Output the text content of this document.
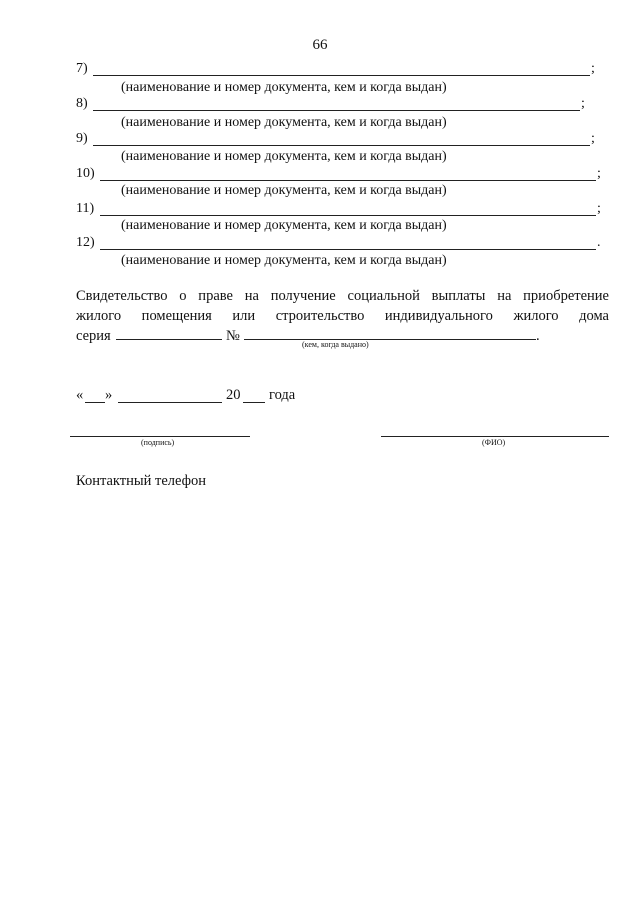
66
7)	;
(наименование и номер документа, кем и когда выдан)
8)	;
(наименование и номер документа, кем и когда выдан)
9)	;
(наименование и номер документа, кем и когда выдан)
10)	;
(наименование и номер документа, кем и когда выдан)
11)	;
(наименование и номер документа, кем и когда выдан)
12)	.
(наименование и номер документа, кем и когда выдан)
Свидетельство о праве на получение социальной выплаты на приобретение
жилого помещения или строительство индивидуального жилого дома
серия	№	.
(кем, когда выдано)
« »	20 года
(подпись)	(ФИО)
Контактный телефон
